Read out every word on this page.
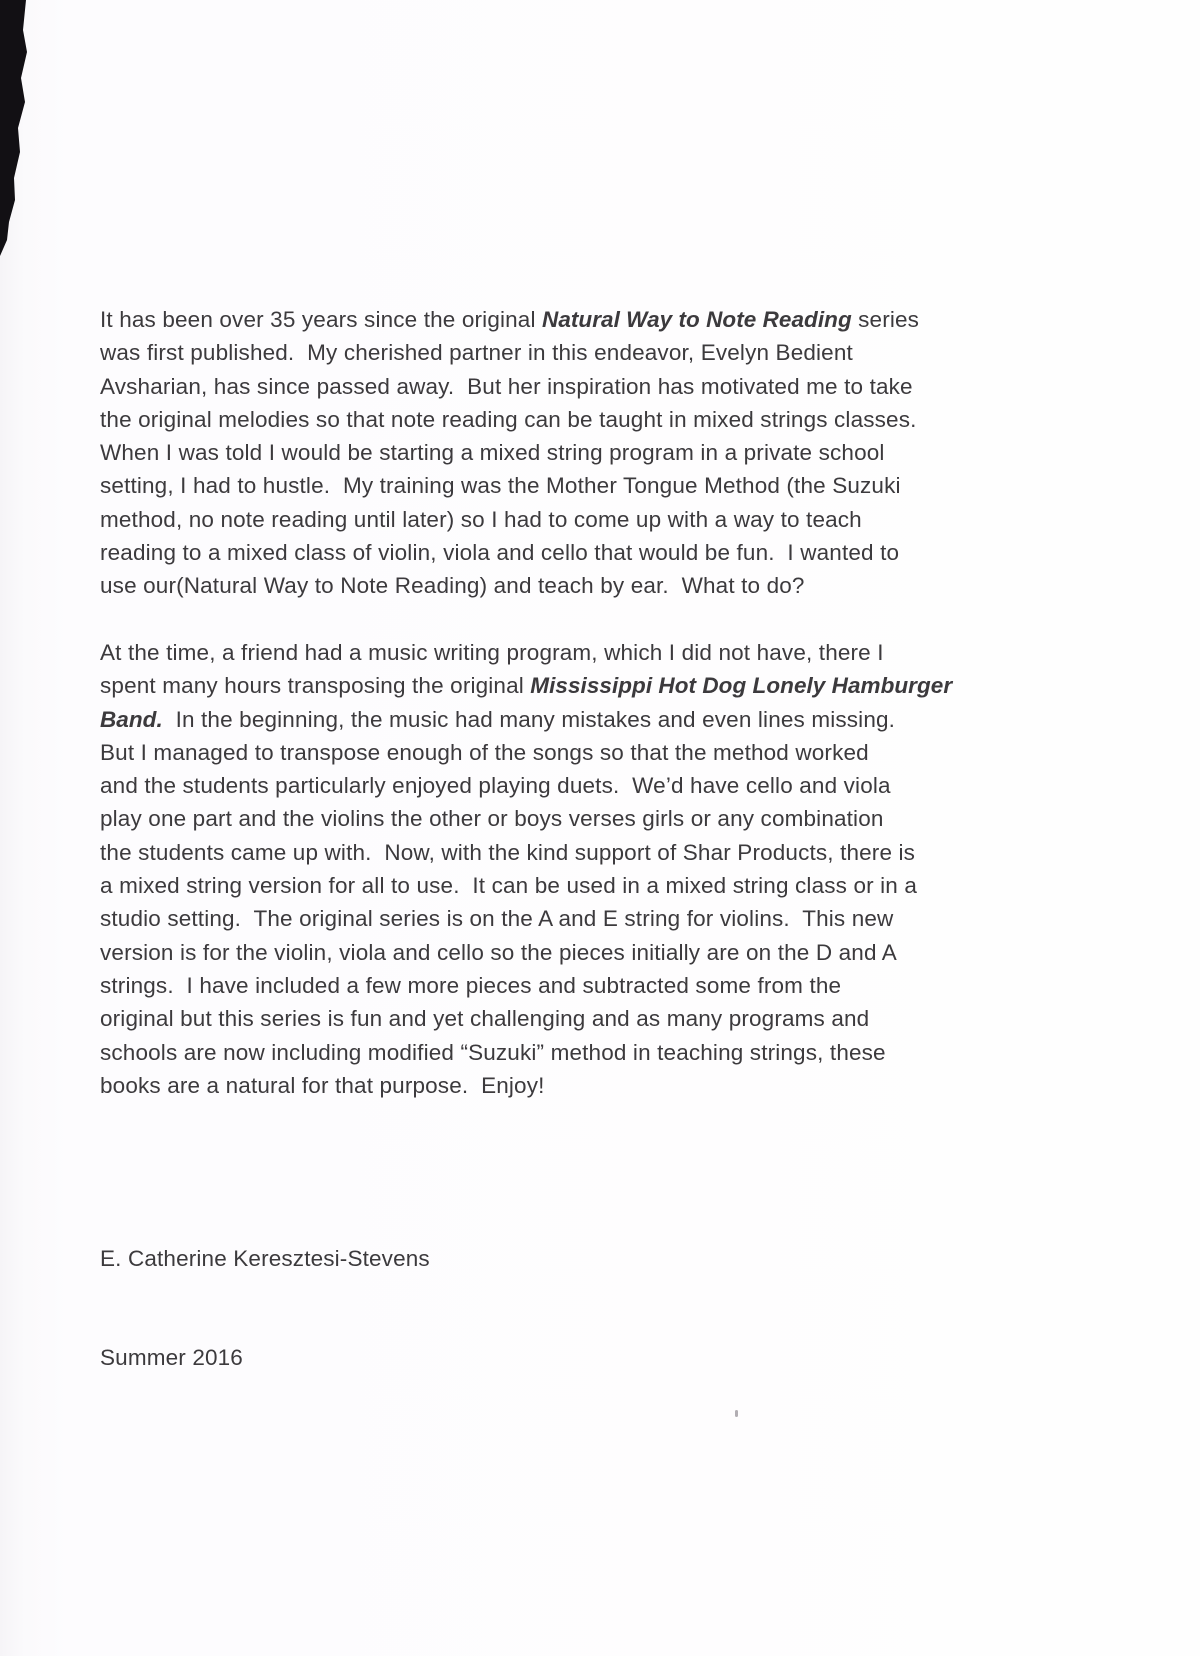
It has been over 35 years since the original Natural Way to Note Reading series
was first published.  My cherished partner in this endeavor, Evelyn Bedient
Avsharian, has since passed away.  But her inspiration has motivated me to take
the original melodies so that note reading can be taught in mixed strings classes.
When I was told I would be starting a mixed string program in a private school
setting, I had to hustle.  My training was the Mother Tongue Method (the Suzuki
method, no note reading until later) so I had to come up with a way to teach
reading to a mixed class of violin, viola and cello that would be fun.  I wanted to
use our(Natural Way to Note Reading) and teach by ear.  What to do?
At the time, a friend had a music writing program, which I did not have, there I
spent many hours transposing the original Mississippi Hot Dog Lonely Hamburger
Band.  In the beginning, the music had many mistakes and even lines missing.
But I managed to transpose enough of the songs so that the method worked
and the students particularly enjoyed playing duets.  We’d have cello and viola
play one part and the violins the other or boys verses girls or any combination
the students came up with.  Now, with the kind support of Shar Products, there is
a mixed string version for all to use.  It can be used in a mixed string class or in a
studio setting.  The original series is on the A and E string for violins.  This new
version is for the violin, viola and cello so the pieces initially are on the D and A
strings.  I have included a few more pieces and subtracted some from the
original but this series is fun and yet challenging and as many programs and
schools are now including modified “Suzuki” method in teaching strings, these
books are a natural for that purpose.  Enjoy!

E. Catherine Keresztesi-Stevens

Summer 2016
